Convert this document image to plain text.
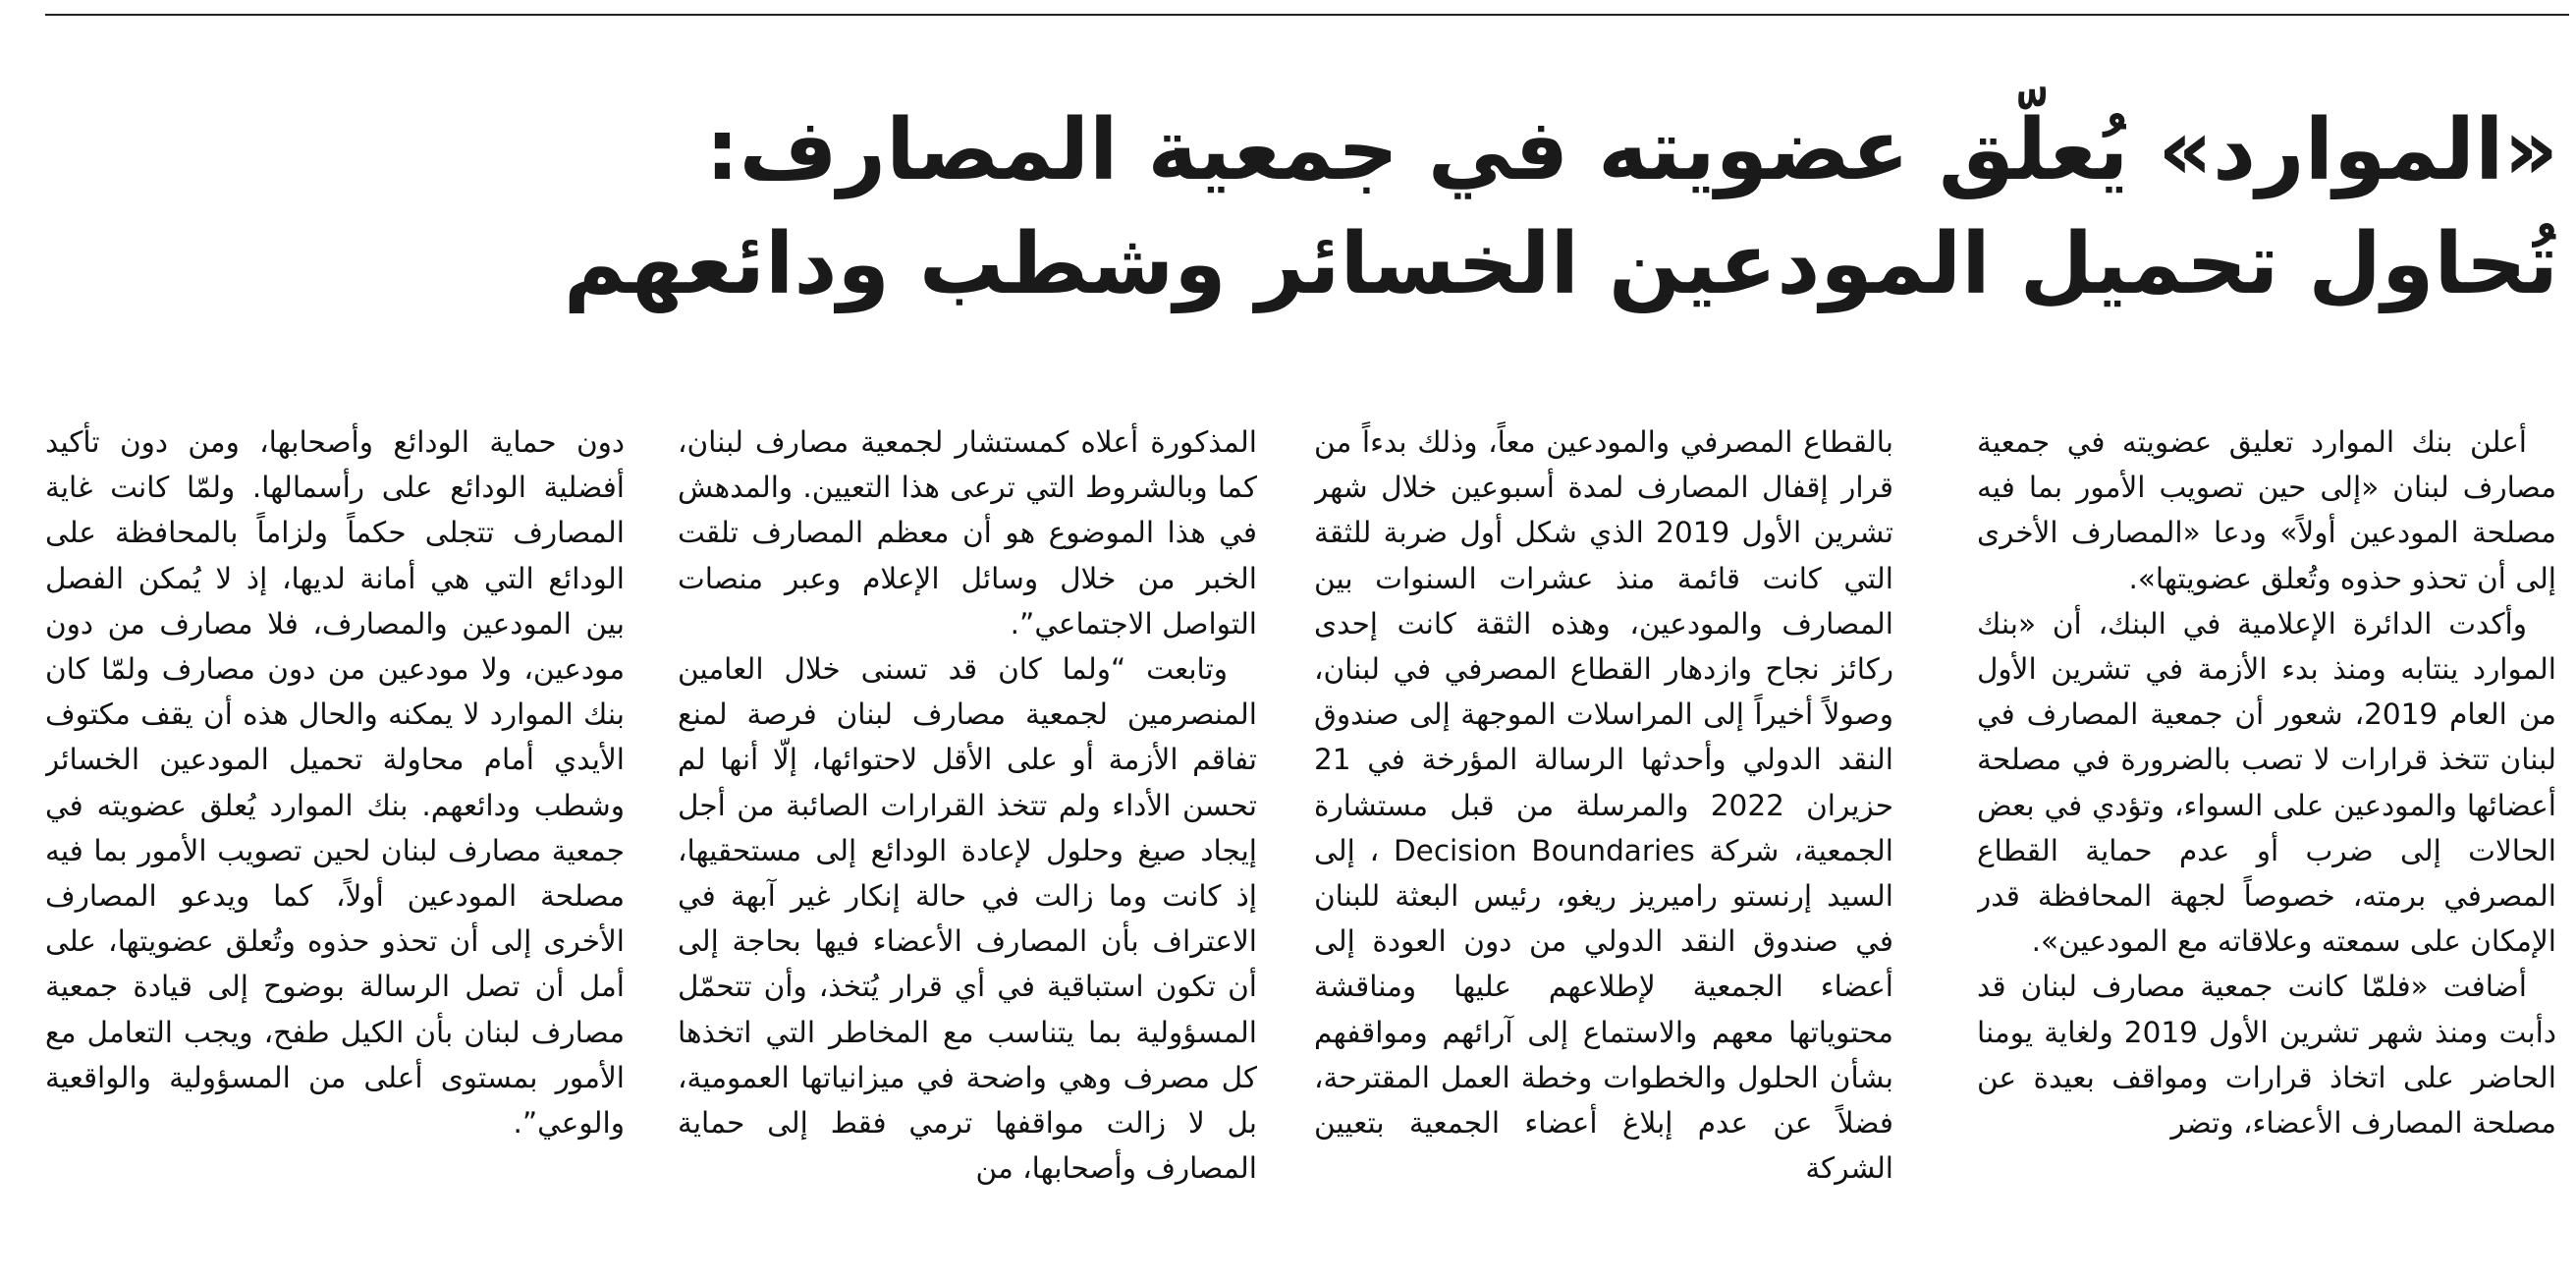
«الموارد» يُعلّق عضويته في جمعية المصارف:
تُحاول تحميل المودعين الخسائر وشطب ودائعهم

أعلن بنك الموارد تعليق عضويته في جمعية مصارف لبنان «إلى حين تصويب الأمور بما فيه مصلحة المودعين أولاً» ودعا «المصارف الأخرى إلى أن تحذو حذوه وتُعلق عضويتها».

وأكدت الدائرة الإعلامية في البنك، أن «بنك الموارد ينتابه ومنذ بدء الأزمة في تشرين الأول من العام 2019، شعور أن جمعية المصارف في لبنان تتخذ قرارات لا تصب بالضرورة في مصلحة أعضائها والمودعين على السواء، وتؤدي في بعض الحالات إلى ضرب أو عدم حماية القطاع المصرفي برمته، خصوصاً لجهة المحافظة قدر الإمكان على سمعته وعلاقاته مع المودعين».

أضافت «فلمّا كانت جمعية مصارف لبنان قد دأبت ومنذ شهر تشرين الأول 2019 ولغاية يومنا الحاضر على اتخاذ قرارات ومواقف بعيدة عن مصلحة المصارف الأعضاء، وتضر

بالقطاع المصرفي والمودعين معاً، وذلك بدءاً من قرار إقفال المصارف لمدة أسبوعين خلال شهر تشرين الأول 2019 الذي شكل أول ضربة للثقة التي كانت قائمة منذ عشرات السنوات بين المصارف والمودعين، وهذه الثقة كانت إحدى ركائز نجاح وازدهار القطاع المصرفي في لبنان، وصولاً أخيراً إلى المراسلات الموجهة إلى صندوق النقد الدولي وأحدثها الرسالة المؤرخة في 21 حزيران 2022 والمرسلة من قبل مستشارة الجمعية، شركة Decision Boundaries ، إلى السيد إرنستو راميريز ريغو، رئيس البعثة للبنان في صندوق النقد الدولي من دون العودة إلى أعضاء الجمعية لإطلاعهم عليها ومناقشة محتوياتها معهم والاستماع إلى آرائهم ومواقفهم بشأن الحلول والخطوات وخطة العمل المقترحة، فضلاً عن عدم إبلاغ أعضاء الجمعية بتعيين الشركة

المذكورة أعلاه كمستشار لجمعية مصارف لبنان، كما وبالشروط التي ترعى هذا التعيين. والمدهش في هذا الموضوع هو أن معظم المصارف تلقت الخبر من خلال وسائل الإعلام وعبر منصات التواصل الاجتماعي”.

وتابعت “ولما كان قد تسنى خلال العامين المنصرمين لجمعية مصارف لبنان فرصة لمنع تفاقم الأزمة أو على الأقل لاحتوائها، إلّا أنها لم تحسن الأداء ولم تتخذ القرارات الصائبة من أجل إيجاد صيغ وحلول لإعادة الودائع إلى مستحقيها، إذ كانت وما زالت في حالة إنكار غير آبهة في الاعتراف بأن المصارف الأعضاء فيها بحاجة إلى أن تكون استباقية في أي قرار يُتخذ، وأن تتحمّل المسؤولية بما يتناسب مع المخاطر التي اتخذها كل مصرف وهي واضحة في ميزانياتها العمومية، بل لا زالت مواقفها ترمي فقط إلى حماية المصارف وأصحابها، من

دون حماية الودائع وأصحابها، ومن دون تأكيد أفضلية الودائع على رأسمالها. ولمّا كانت غاية المصارف تتجلى حكماً ولزاماً بالمحافظة على الودائع التي هي أمانة لديها، إذ لا يُمكن الفصل بين المودعين والمصارف، فلا مصارف من دون مودعين، ولا مودعين من دون مصارف ولمّا كان بنك الموارد لا يمكنه والحال هذه أن يقف مكتوف الأيدي أمام محاولة تحميل المودعين الخسائر وشطب ودائعهم. بنك الموارد يُعلق عضويته في جمعية مصارف لبنان لحين تصويب الأمور بما فيه مصلحة المودعين أولاً، كما ويدعو المصارف الأخرى إلى أن تحذو حذوه وتُعلق عضويتها، على أمل أن تصل الرسالة بوضوح إلى قيادة جمعية مصارف لبنان بأن الكيل طفح، ويجب التعامل مع الأمور بمستوى أعلى من المسؤولية والواقعية والوعي”.
